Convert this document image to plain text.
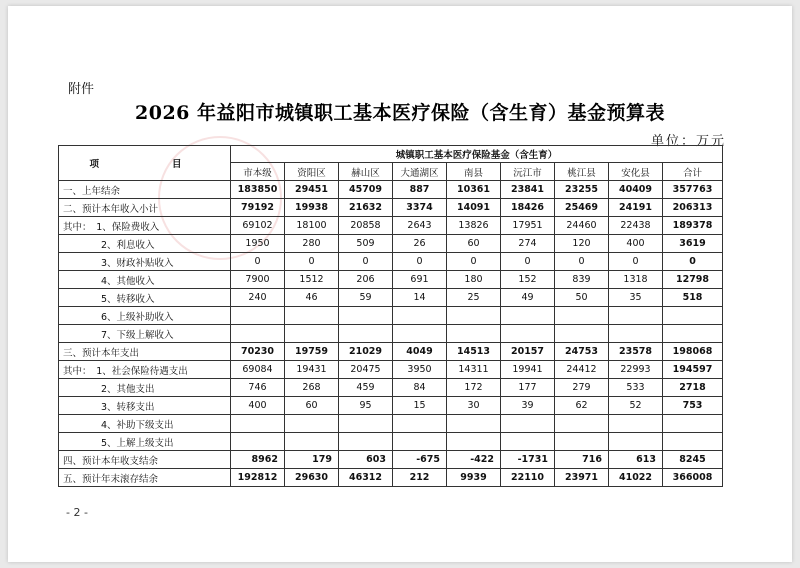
附件
2026 年益阳市城镇职工基本医疗保险（含生育）基金预算表
单位：万元
项　　目	城镇职工基本医疗保险基金（含生育）								
	市本级	资阳区	赫山区	大通湖区	南县	沅江市	桃江县	安化县	合计
一、上年结余	183850	29451	45709	887	10361	23841	23255	40409	357763
二、预计本年收入小计	79192	19938	21632	3374	14091	18426	25469	24191	206313
其中：　1、保险费收入	69102	18100	20858	2643	13826	17951	24460	22438	189378
　　　　2、利息收入	1950	280	509	26	60	274	120	400	3619
　　　　3、财政补贴收入	0	0	0	0	0	0	0	0	0
　　　　4、其他收入	7900	1512	206	691	180	152	839	1318	12798
　　　　5、转移收入	240	46	59	14	25	49	50	35	518
　　　　6、上级补助收入									
　　　　7、下级上解收入									
三、预计本年支出	70230	19759	21029	4049	14513	20157	24753	23578	198068
其中：　1、社会保险待遇支出	69084	19431	20475	3950	14311	19941	24412	22993	194597
　　　　2、其他支出	746	268	459	84	172	177	279	533	2718
　　　　3、转移支出	400	60	95	15	30	39	62	52	753
　　　　4、补助下级支出									
　　　　5、上解上级支出									
四、预计本年收支结余	8962	179	603	-675	-422	-1731	716	613	8245
五、预计年末滚存结余	192812	29630	46312	212	9939	22110	23971	41022	366008
- 2 -
